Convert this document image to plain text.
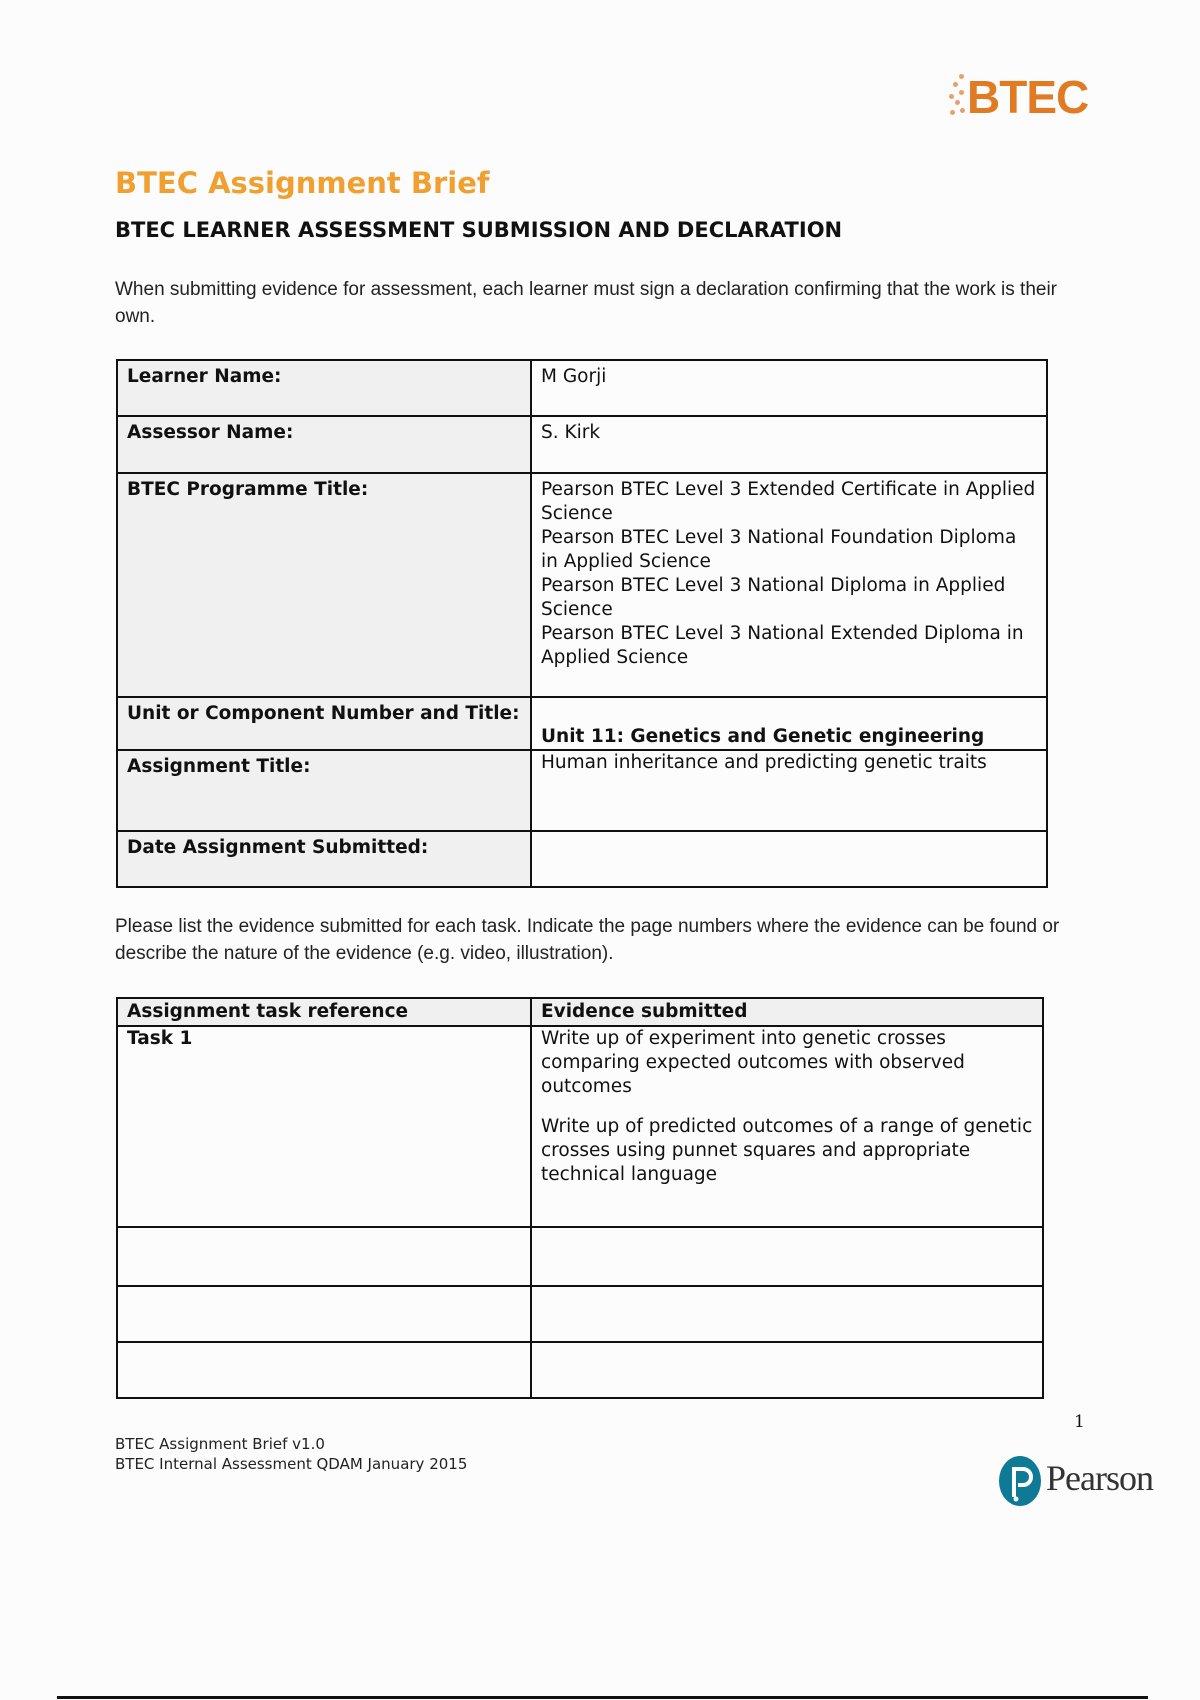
BTEC
BTEC Assignment Brief
BTEC LEARNER ASSESSMENT SUBMISSION AND DECLARATION
When submitting evidence for assessment, each learner must sign a declaration confirming that the work is their own.
Learner Name:	M Gorji
Assessor Name:	S. Kirk
BTEC Programme Title:	Pearson BTEC Level 3 Extended Certificate in Applied Science
Pearson BTEC Level 3 National Foundation Diploma in Applied Science
Pearson BTEC Level 3 National Diploma in Applied Science
Pearson BTEC Level 3 National Extended Diploma in Applied Science

Unit or Component Number and Title:	Unit 11: Genetics and Genetic engineering
Assignment Title:	Human inheritance and predicting genetic traits
Date Assignment Submitted:	
Please list the evidence submitted for each task. Indicate the page numbers where the evidence can be found or describe the nature of the evidence (e.g. video, illustration).
Assignment task reference	Evidence submitted
Task 1	Write up of experiment into genetic crosses comparing expected outcomes with observed outcomes
Write up of predicted outcomes of a range of genetic crosses using punnet squares and appropriate technical language

1
BTEC Assignment Brief v1.0
BTEC Internal Assessment QDAM January 2015	Pearson
